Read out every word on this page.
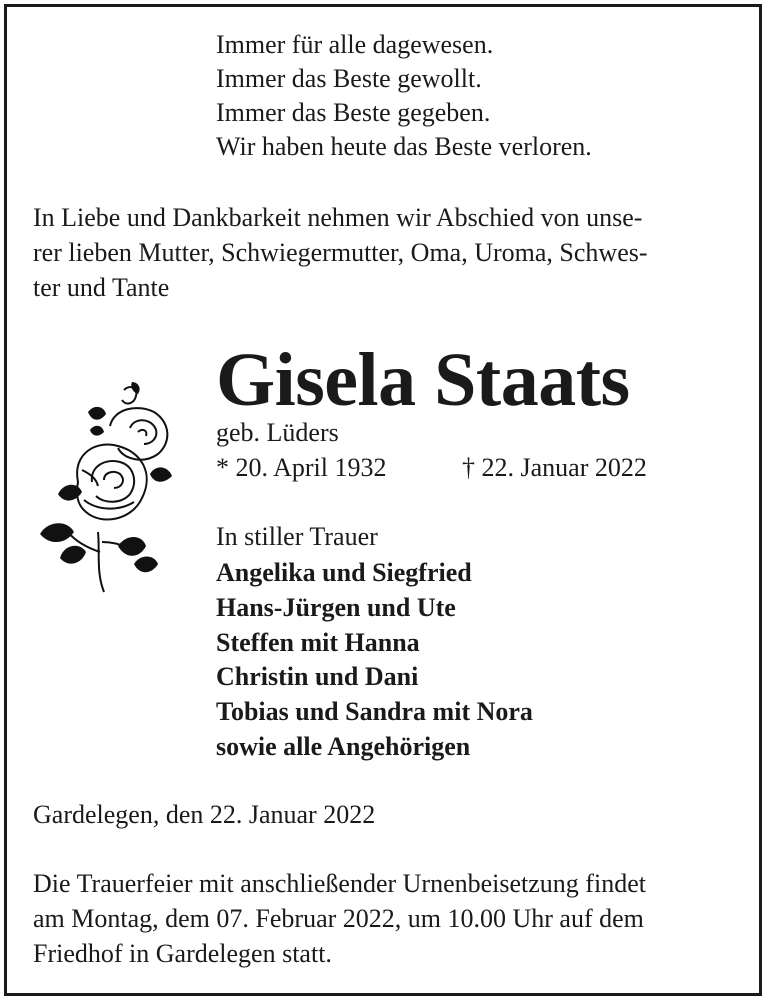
Immer für alle dagewesen.
Immer das Beste gewollt.
Immer das Beste gegeben.
Wir haben heute das Beste verloren.
In Liebe und Dankbarkeit nehmen wir Abschied von unse-
rer lieben Mutter, Schwiegermutter, Oma, Uroma, Schwes-
ter und Tante
Gisela Staats
geb. Lüders
* 20. April 1932	† 22. Januar 2022
In stiller Trauer
Angelika und Siegfried
Hans-Jürgen und Ute
Steffen mit Hanna
Christin und Dani
Tobias und Sandra mit Nora
sowie alle Angehörigen
Gardelegen, den 22. Januar 2022
Die Trauerfeier mit anschließender Urnenbeisetzung findet
am Montag, dem 07. Februar 2022, um 10.00 Uhr auf dem
Friedhof in Gardelegen statt.
